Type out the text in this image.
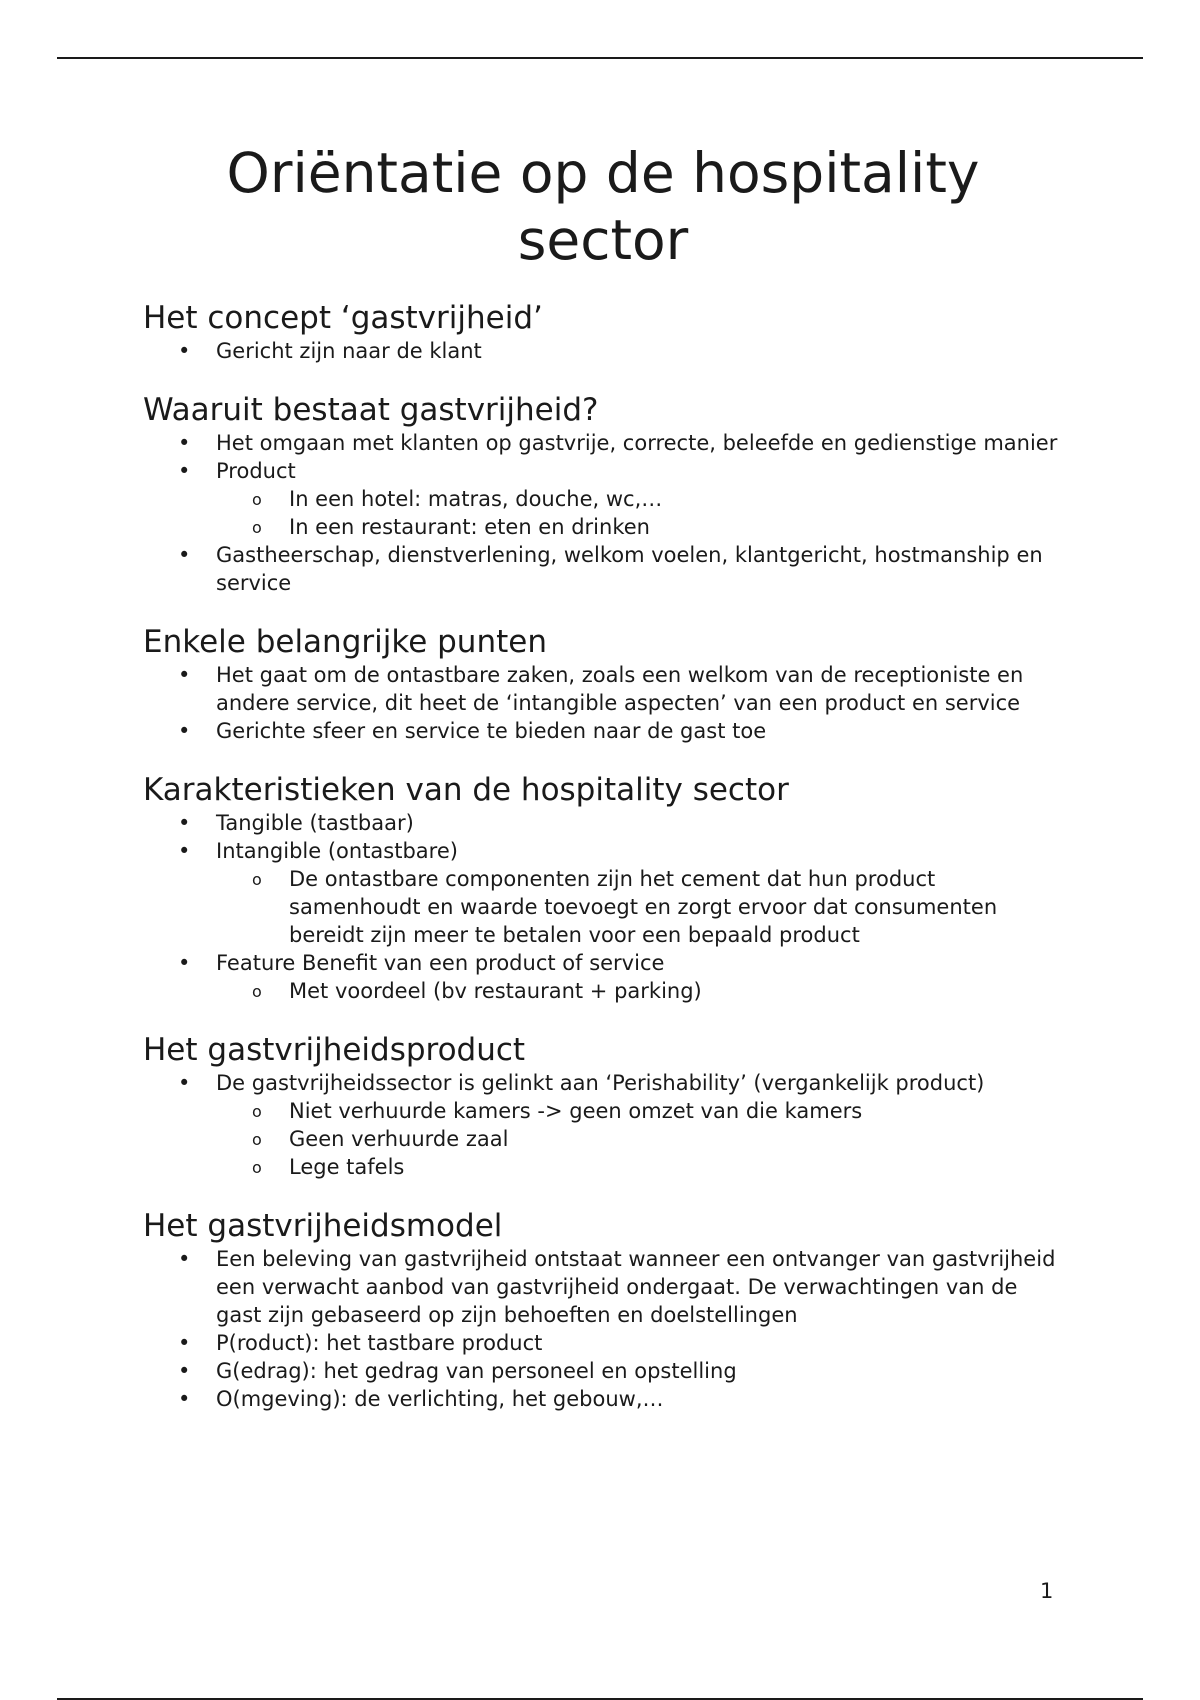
Oriëntatie op de hospitality sector
Het concept ‘gastvrijheid’
• Gericht zijn naar de klant
Waaruit bestaat gastvrijheid?
• Het omgaan met klanten op gastvrije, correcte, beleefde en gedienstige manier
• Product
o In een hotel: matras, douche, wc,…
o In een restaurant: eten en drinken
• Gastheerschap, dienstverlening, welkom voelen, klantgericht, hostmanship en service
Enkele belangrijke punten
• Het gaat om de ontastbare zaken, zoals een welkom van de receptioniste en andere service, dit heet de ‘intangible aspecten’ van een product en service
• Gerichte sfeer en service te bieden naar de gast toe
Karakteristieken van de hospitality sector
• Tangible (tastbaar)
• Intangible (ontastbare)
o De ontastbare componenten zijn het cement dat hun product samenhoudt en waarde toevoegt en zorgt ervoor dat consumenten bereidt zijn meer te betalen voor een bepaald product
• Feature Benefit van een product of service
o Met voordeel (bv restaurant + parking)
Het gastvrijheidsproduct
• De gastvrijheidssector is gelinkt aan ‘Perishability’ (vergankelijk product)
o Niet verhuurde kamers -> geen omzet van die kamers
o Geen verhuurde zaal
o Lege tafels
Het gastvrijheidsmodel
• Een beleving van gastvrijheid ontstaat wanneer een ontvanger van gastvrijheid een verwacht aanbod van gastvrijheid ondergaat. De verwachtingen van de gast zijn gebaseerd op zijn behoeften en doelstellingen
• P(roduct): het tastbare product
• G(edrag): het gedrag van personeel en opstelling
• O(mgeving): de verlichting, het gebouw,…
1
